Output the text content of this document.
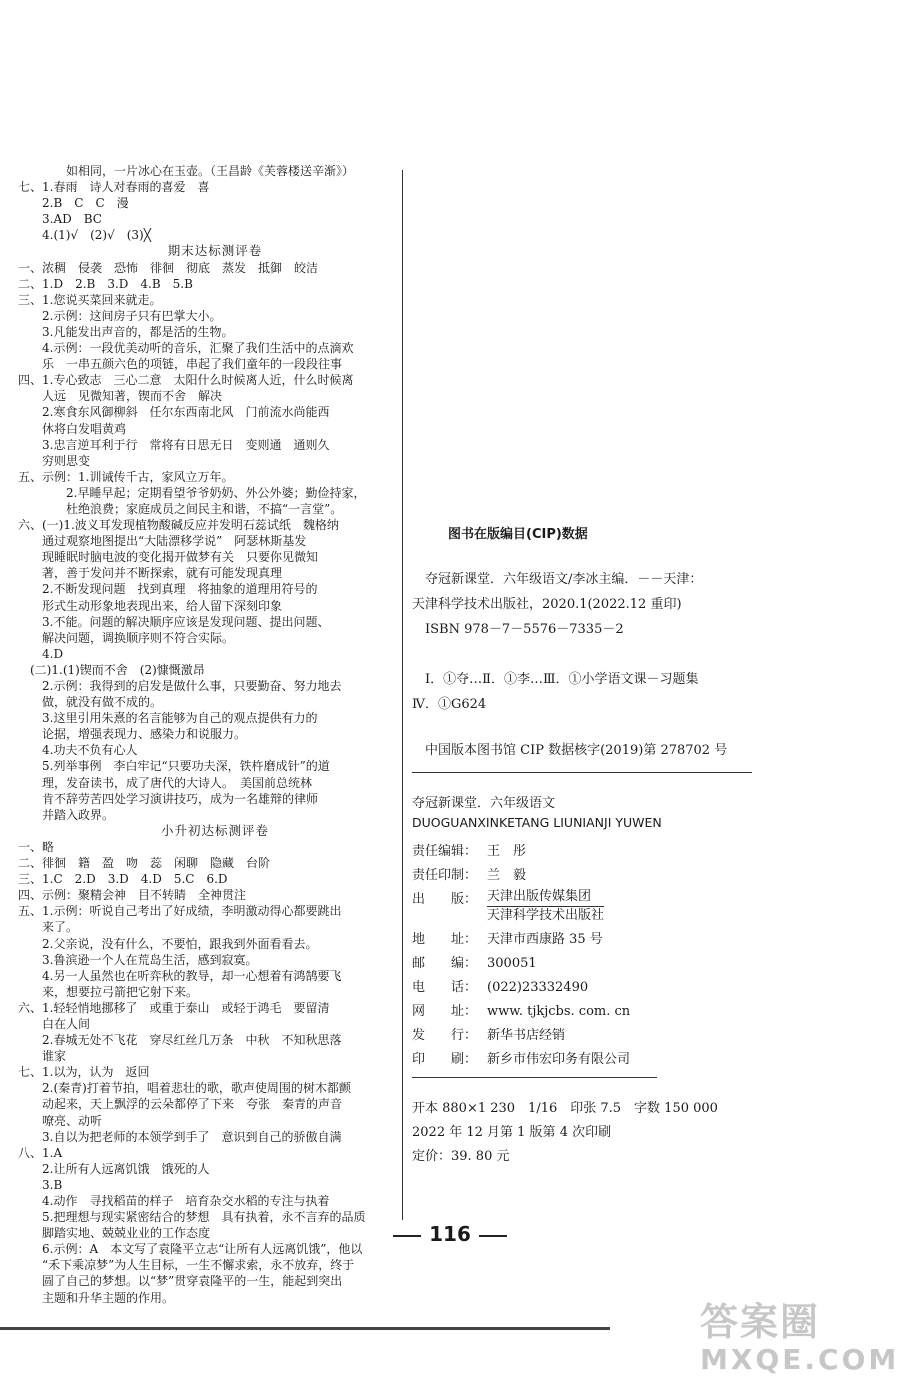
　　　　如相同，一片冰心在玉壶。（王昌龄《芙蓉楼送辛渐》）
七、1.春雨　诗人对春雨的喜爱　喜
　　2.B　C　C　漫
　　3.AD　BC
　　4.(1)√　(2)√　(3)╳
期末达标测评卷
一、浓稠　侵袭　恐怖　徘徊　彻底　蒸发　抵御　皎洁
二、1.D　2.B　3.D　4.B　5.B
三、1.您说买菜回来就走。
　　2.示例：这间房子只有巴掌大小。
　　3.凡能发出声音的，都是活的生物。
　　4.示例：一段优美动听的音乐，汇聚了我们生活中的点滴欢
　　乐　一串五颜六色的项链，串起了我们童年的一段段往事
四、1.专心致志　三心二意　太阳什么时候离人近，什么时候离
　　人远　见微知著，锲而不舍　解决
　　2.寒食东风御柳斜　任尔东西南北风　门前流水尚能西
　　休将白发唱黄鸡
　　3.忠言逆耳利于行　常将有日思无日　变则通　通则久
　　穷则思变
五、示例：1.训诫传千古，家风立万年。
　　　　2.早睡早起；定期看望爷爷奶奶、外公外婆；勤俭持家，
　　　　杜绝浪费；家庭成员之间民主和谐，不搞“一言堂”。
六、(一)1.波义耳发现植物酸碱反应并发明石蕊试纸　魏格纳
　　通过观察地图提出“大陆漂移学说”　阿瑟林斯基发
　　现睡眠时脑电波的变化揭开做梦有关　只要你见微知
　　著，善于发问并不断探索，就有可能发现真理
　　2.不断发现问题　找到真理　将抽象的道理用符号的
　　形式生动形象地表现出来，给人留下深刻印象
　　3.不能。问题的解决顺序应该是发现问题、提出问题、
　　解决问题，调换顺序则不符合实际。
　　4.D
　(二)1.(1)锲而不舍　(2)慷慨激昂
　　2.示例：我得到的启发是做什么事，只要勤奋、努力地去
　　做，就没有做不成的。
　　3.这里引用朱熹的名言能够为自己的观点提供有力的
　　论据，增强表现力、感染力和说服力。
　　4.功夫不负有心人
　　5.列举事例　李白牢记“只要功夫深，铁杵磨成针”的道
　　理，发奋读书，成了唐代的大诗人。　美国前总统林
　　肯不辞劳苦四处学习演讲技巧，成为一名雄辩的律师
　　并踏入政界。
小升初达标测评卷
一、略
二、徘徊　籍　盈　吻　蕊　闲聊　隐藏　台阶
三、1.C　2.D　3.D　4.D　5.C　6.D
四、示例：聚精会神　目不转睛　全神贯注
五、1.示例：听说自己考出了好成绩，李明激动得心都要跳出
　　来了。
　　2.父亲说，没有什么，不要怕，跟我到外面看看去。
　　3.鲁滨逊一个人在荒岛生活，感到寂寞。
　　4.另一人虽然也在听弈秋的教导，却一心想着有鸿鹄要飞
　　来，想要拉弓箭把它射下来。
六、1.轻轻悄地挪移了　或重于泰山　或轻于鸿毛　要留清
　　白在人间
　　2.春城无处不飞花　穿尽红丝几万条　中秋　不知秋思落
　　谁家
七、1.以为，认为　返回
　　2.(秦青)打着节拍，唱着悲壮的歌，歌声使周围的树木都颤
　　动起来，天上飘浮的云朵都停了下来　夸张　秦青的声音
　　嘹亮、动听
　　3.自以为把老师的本领学到手了　意识到自己的骄傲自满
八、1.A
　　2.让所有人远离饥饿　饿死的人
　　3.B
　　4.动作　寻找稻苗的样子　培育杂交水稻的专注与执着
　　5.把理想与现实紧密结合的梦想　具有执着，永不言弃的品质
　　脚踏实地、兢兢业业的工作态度
　　6.示例：A　本文写了袁隆平立志“让所有人远离饥饿”，他以
　　“禾下乘凉梦”为人生目标，一生不懈求索，永不放弃，终于
　　圆了自己的梦想。以“梦”贯穿袁隆平的一生，能起到突出
　　主题和升华主题的作用。
图书在版编目(CIP)数据
　夺冠新课堂．六年级语文/李冰主编．－－天津：
天津科学技术出版社，2020.1(2022.12 重印)
　ISBN 978－7－5576－7335－2
　Ⅰ．①夺…Ⅱ．①李…Ⅲ．①小学语文课－习题集
Ⅳ．①G624
　中国版本图书馆 CIP 数据核字(2019)第 278702 号
夺冠新课堂．六年级语文
DUOGUANXINKETANG LIUNIANJI YUWEN
责任编辑： 王　彤
责任印制： 兰　毅
出　　版： 天津出版传媒集团
天津科学技术出版社
地　　址： 天津市西康路 35 号
邮　　编： 300051
电　　话： (022)23332490
网　　址： www. tjkjcbs. com. cn
发　　行： 新华书店经销
印　　刷： 新乡市伟宏印务有限公司
开本 880×1 230　1/16　印张 7.5　字数 150 000
2022 年 12 月第 1 版第 4 次印刷
定价：39. 80 元
116
答案圈
MXQE.COM
